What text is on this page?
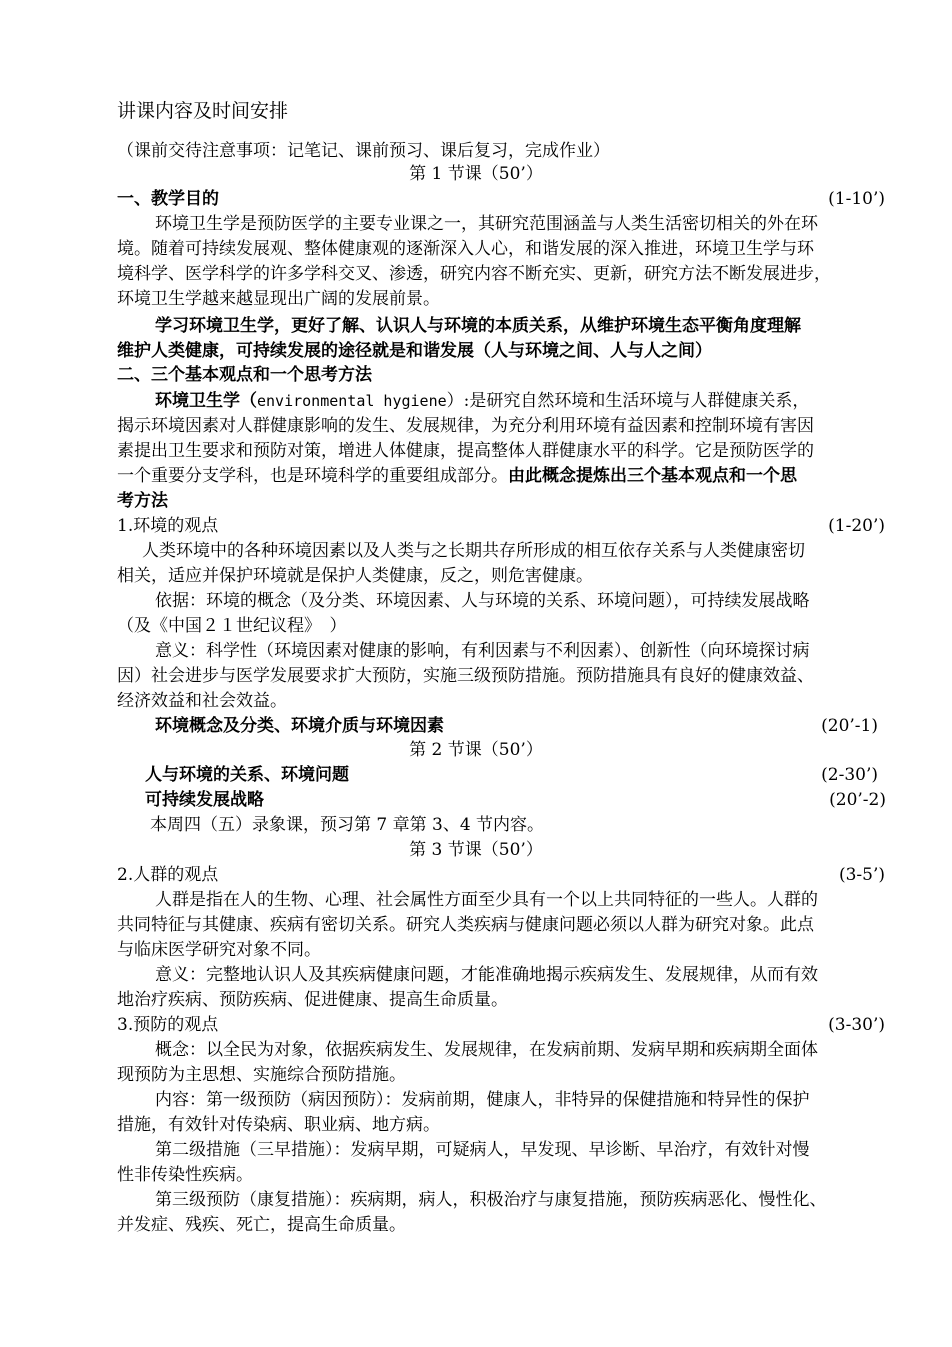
讲课内容及时间安排
（课前交待注意事项：记笔记、课前预习、课后复习，完成作业）
第 1 节课（50’）
一、教学目的	(1-10’)
环境卫生学是预防医学的主要专业课之一，其研究范围涵盖与人类生活密切相关的外在环
境。随着可持续发展观、整体健康观的逐渐深入人心，和谐发展的深入推进，环境卫生学与环
境科学、医学科学的许多学科交叉、渗透，研究内容不断充实、更新，研究方法不断发展进步，
环境卫生学越来越显现出广阔的发展前景。
学习环境卫生学，更好了解、认识人与环境的本质关系，从维护环境生态平衡角度理解
维护人类健康，可持续发展的途径就是和谐发展（人与环境之间、人与人之间）
二、三个基本观点和一个思考方法
环境卫生学（environmental hygiene）:是研究自然环境和生活环境与人群健康关系，
揭示环境因素对人群健康影响的发生、发展规律，为充分利用环境有益因素和控制环境有害因
素提出卫生要求和预防对策，增进人体健康，提高整体人群健康水平的科学。它是预防医学的
一个重要分支学科，也是环境科学的重要组成部分。由此概念提炼出三个基本观点和一个思
考方法
1.环境的观点	(1-20’)
人类环境中的各种环境因素以及人类与之长期共存所形成的相互依存关系与人类健康密切
相关，适应并保护环境就是保护人类健康，反之，则危害健康。
依据：环境的概念（及分类、环境因素、人与环境的关系、环境问题），可持续发展战略
（及《中国２１世纪议程》　）
意义：科学性（环境因素对健康的影响，有利因素与不利因素）、创新性（向环境探讨病
因）社会进步与医学发展要求扩大预防，实施三级预防措施。预防措施具有良好的健康效益、
经济效益和社会效益。
环境概念及分类、环境介质与环境因素	(20’-1)
第 2 节课（50’）
人与环境的关系、环境问题	(2-30’)
可持续发展战略	(20’-2)
本周四（五）录象课，预习第 7 章第 3、4 节内容。
第 3 节课（50’）
2.人群的观点	(3-5’)
人群是指在人的生物、心理、社会属性方面至少具有一个以上共同特征的一些人。人群的
共同特征与其健康、疾病有密切关系。研究人类疾病与健康问题必须以人群为研究对象。此点
与临床医学研究对象不同。
意义：完整地认识人及其疾病健康问题，才能准确地揭示疾病发生、发展规律，从而有效
地治疗疾病、预防疾病、促进健康、提高生命质量。
3.预防的观点	(3-30’)
概念：以全民为对象，依据疾病发生、发展规律，在发病前期、发病早期和疾病期全面体
现预防为主思想、实施综合预防措施。
内容：第一级预防（病因预防）：发病前期，健康人，非特异的保健措施和特异性的保护
措施，有效针对传染病、职业病、地方病。
第二级措施（三早措施）：发病早期，可疑病人，早发现、早诊断、早治疗，有效针对慢
性非传染性疾病。
第三级预防（康复措施）：疾病期，病人，积极治疗与康复措施，预防疾病恶化、慢性化、
并发症、残疾、死亡，提高生命质量。
